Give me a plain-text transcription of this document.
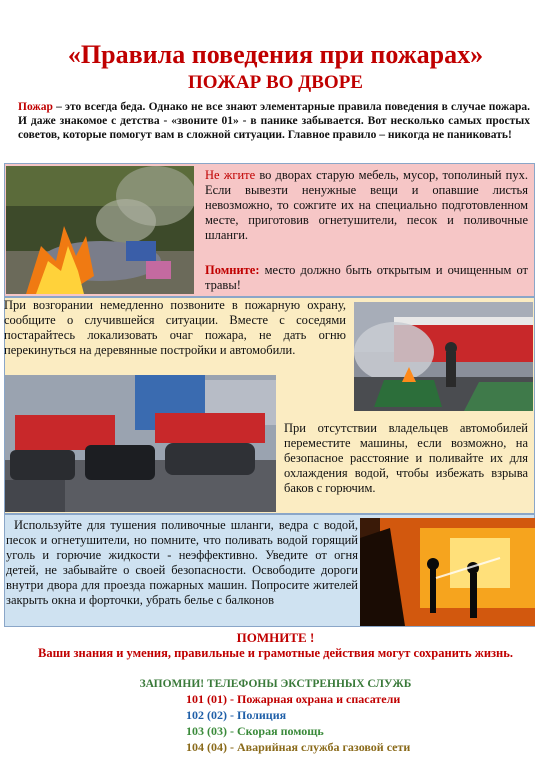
«Правила поведения при пожарах»
ПОЖАР ВО ДВОРЕ
Пожар – это всегда беда. Однако не все знают элементарные правила поведения в случае пожара. И даже знакомое с детства - «звоните 01» - в панике забывается. Вот несколько самых простых советов, которые помогут вам в сложной ситуации. Главное правило – никогда не паниковать!
Не жгите во дворах старую мебель, мусор, тополиный пух. Если вывезти ненужные вещи и опавшие листья невозможно, то сожгите их на специально подготовленном месте, приготовив огнетушители, песок и поливочные шланги.
Помните: место должно быть открытым и очищенным от травы!
При возгорании немедленно позвоните в пожарную охрану, сообщите о случившейся ситуации. Вместе с соседями постарайтесь локализовать очаг пожара, не дать огню перекинуться на деревянные постройки и автомобили.
При отсутствии владельцев автомобилей переместите машины, если возможно, на безопасное расстояние и поливайте их для охлаждения водой, чтобы избежать взрыва баков с горючим.
Используйте для тушения поливочные шланги, ведра с водой, песок и огнетушители, но помните, что поливать водой горящий уголь и горючие жидкости - неэффективно. Уведите от огня детей, не забывайте о своей безопасности. Освободите дороги внутри двора для проезда пожарных машин. Попросите жителей закрыть окна и форточки, убрать белье с балконов
ПОМНИТЕ !
Ваши знания и умения, правильные и грамотные действия могут сохранить жизнь.
ЗАПОМНИ! ТЕЛЕФОНЫ ЭКСТРЕННЫХ СЛУЖБ
101 (01) - Пожарная охрана и спасатели
102 (02) - Полиция
103 (03) - Скорая помощь
104 (04) - Аварийная служба газовой сети
